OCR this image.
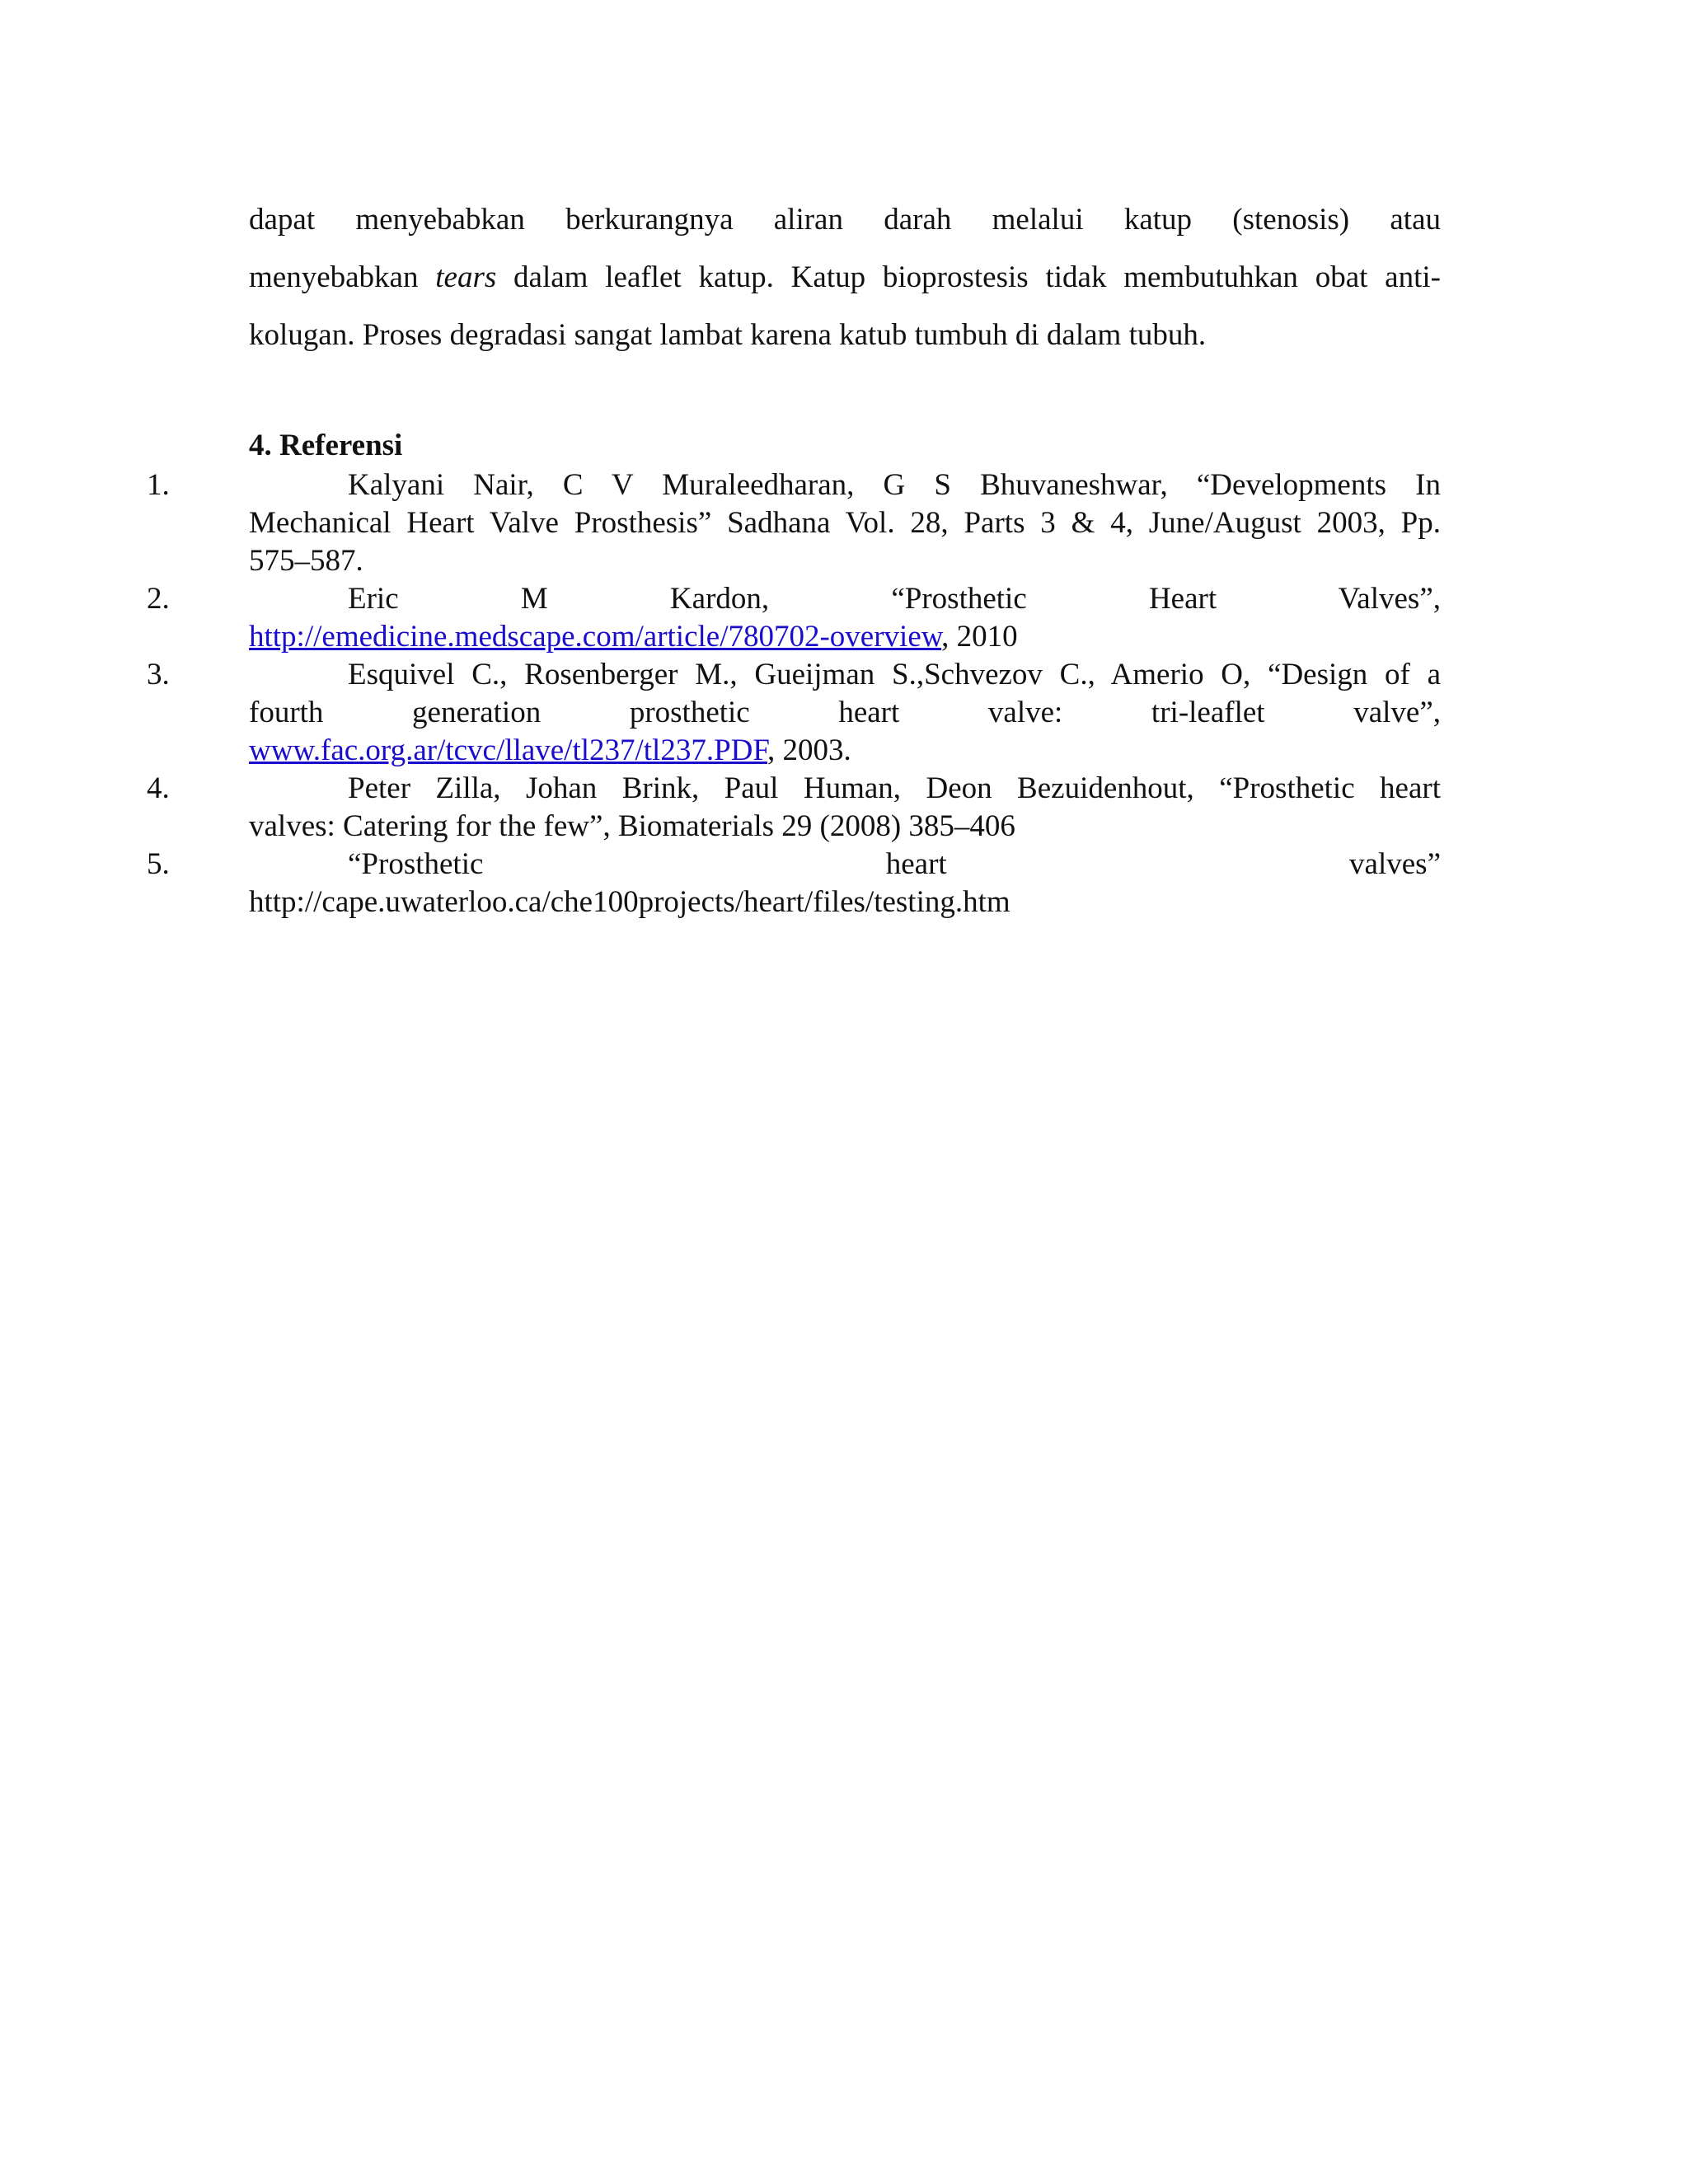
dapat menyebabkan berkurangnya aliran darah melalui katup (stenosis) atau
menyebabkan tears dalam leaflet katup. Katup bioprostesis tidak membutuhkan obat anti-
kolugan. Proses degradasi sangat lambat karena katub tumbuh di dalam tubuh.
4. Referensi
1.	Kalyani Nair, C V Muraleedharan, G S Bhuvaneshwar, “Developments In
Mechanical Heart Valve Prosthesis” Sadhana Vol. 28, Parts 3 & 4, June/August 2003, Pp.
575–587.
2.	Eric M Kardon, “Prosthetic Heart Valves”,
http://emedicine.medscape.com/article/780702-overview, 2010
3.	Esquivel C., Rosenberger M., Gueijman S.,Schvezov C., Amerio O, “Design of a
fourth generation prosthetic heart valve: tri-leaflet valve”,
www.fac.org.ar/tcvc/llave/tl237/tl237.PDF, 2003.
4.	Peter Zilla, Johan Brink, Paul Human, Deon Bezuidenhout, “Prosthetic heart
valves: Catering for the few”, Biomaterials 29 (2008) 385–406
5.	“Prosthetic heart valves”
http://cape.uwaterloo.ca/che100projects/heart/files/testing.htm
